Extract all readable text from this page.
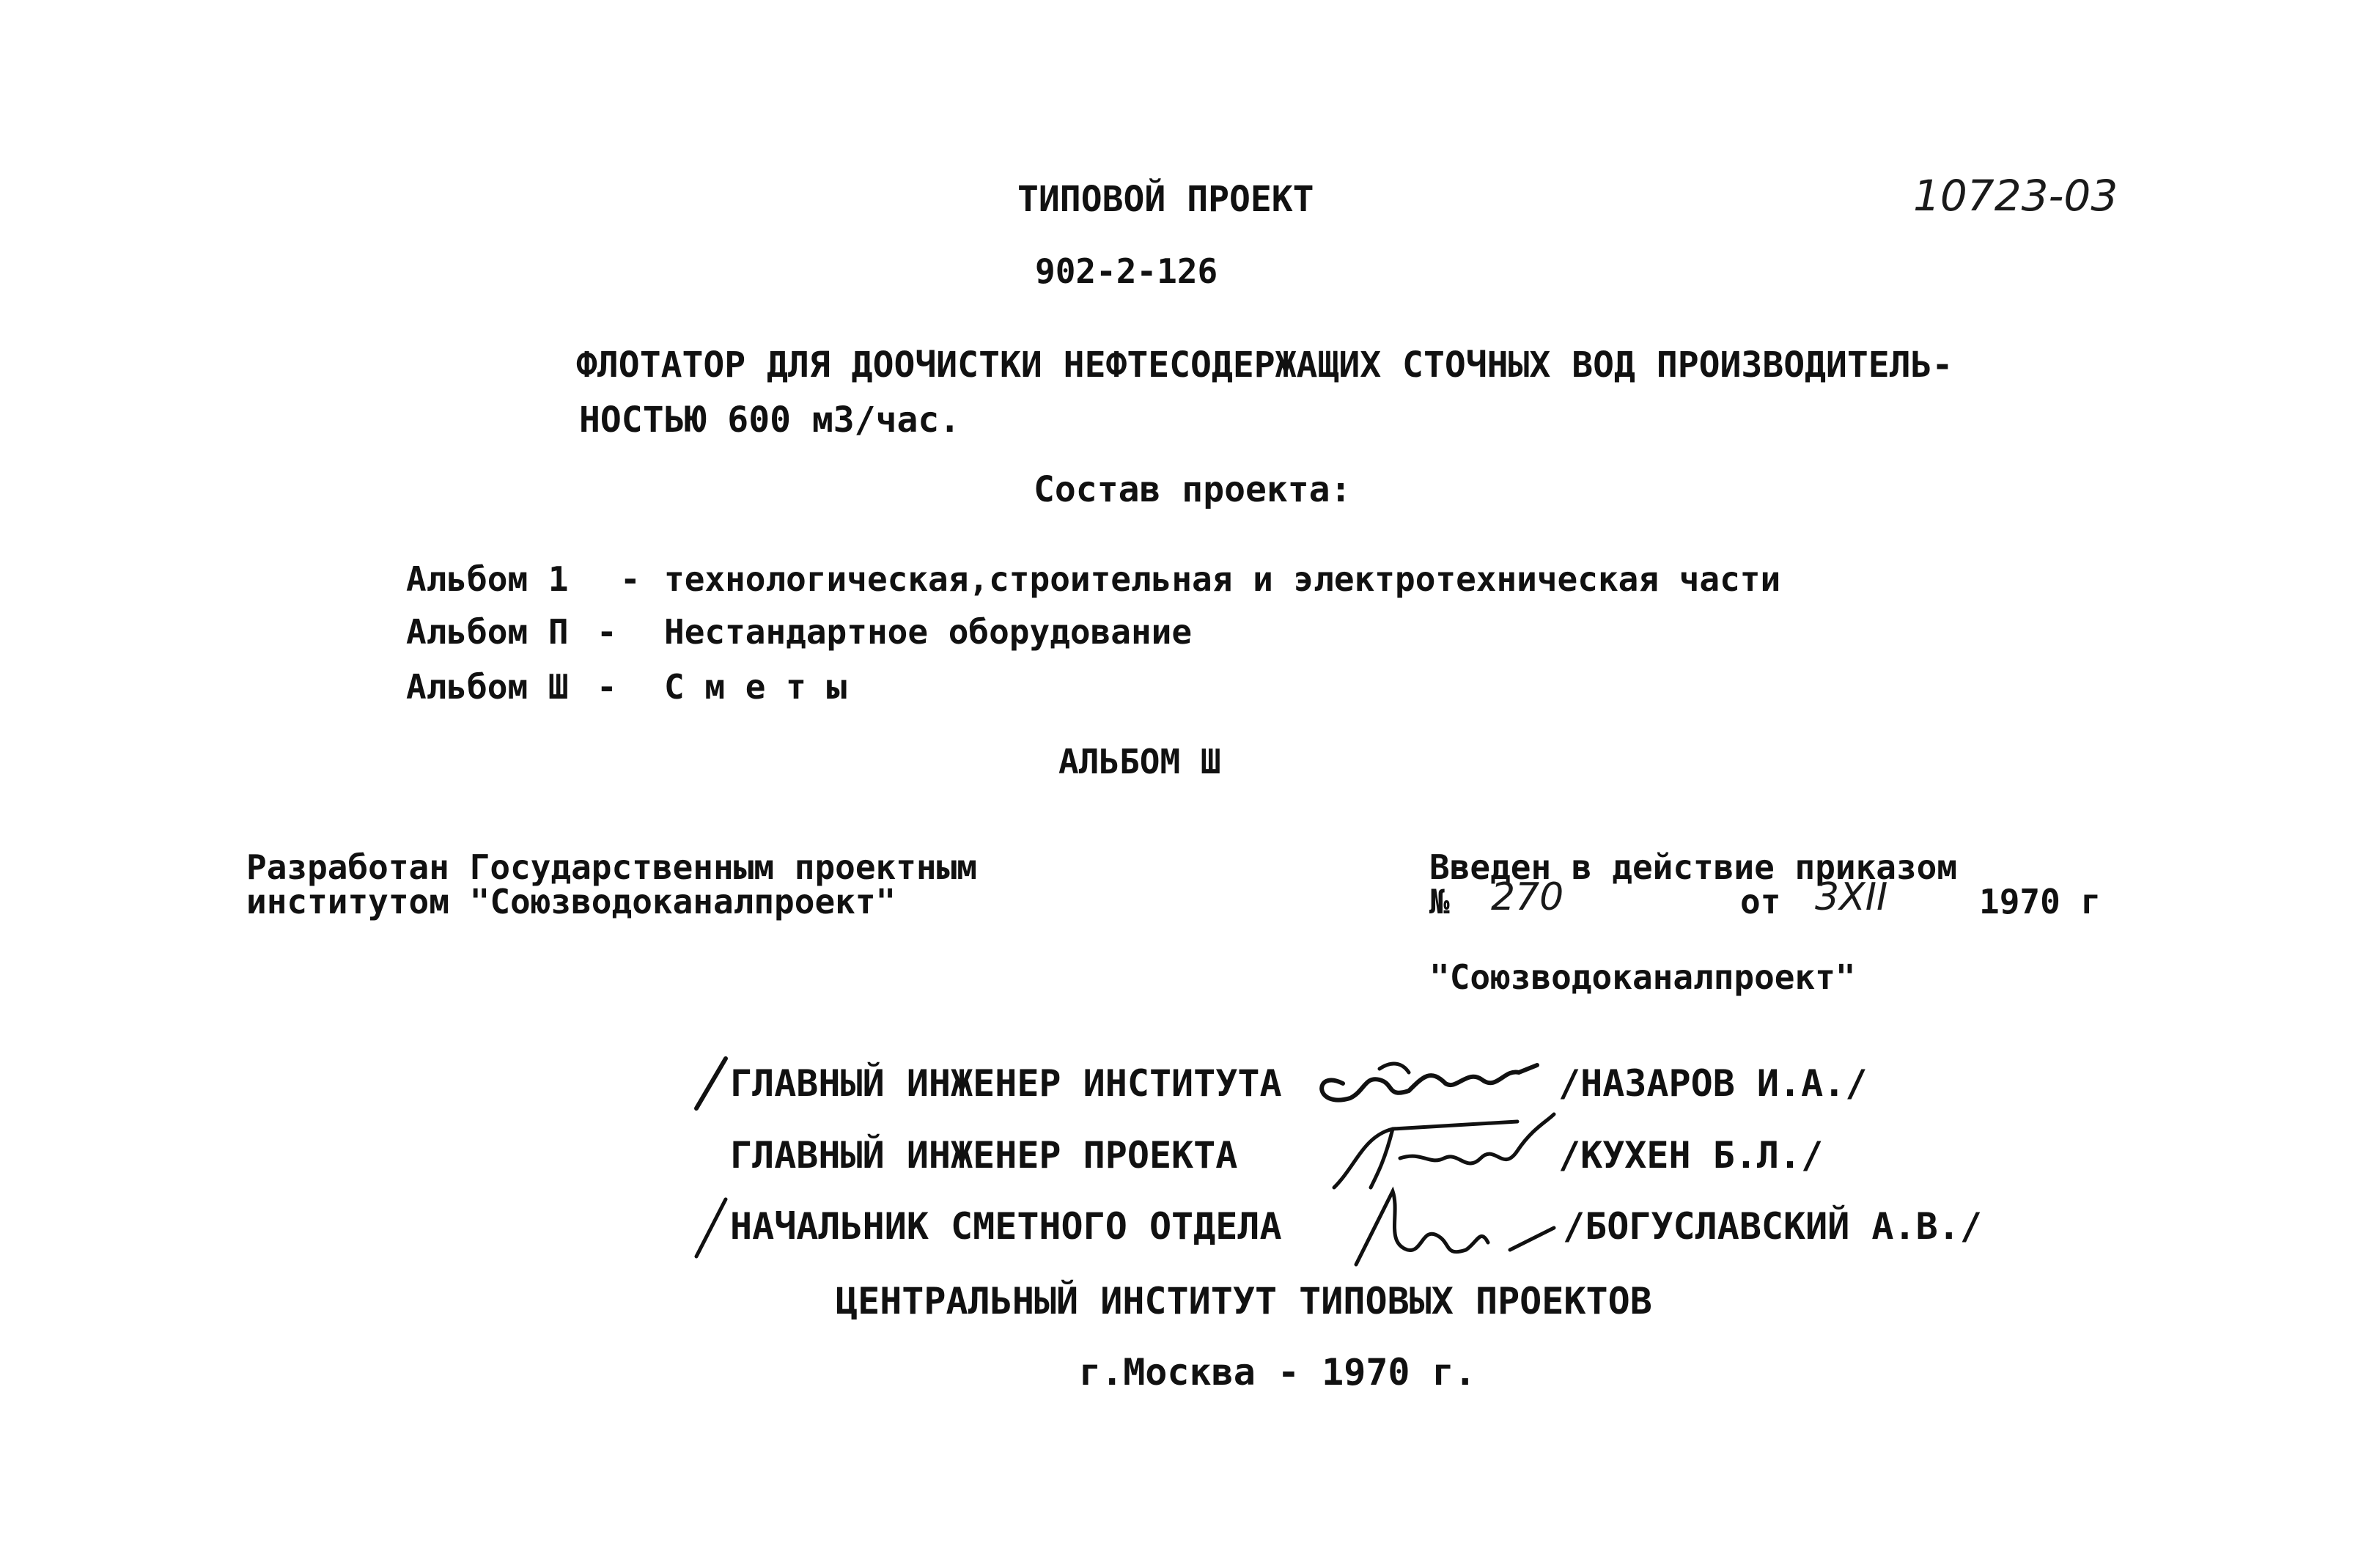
ТИПОВОЙ ПРОЕКТ	10723-03
902-2-126
ФЛОТАТОР ДЛЯ ДООЧИСТКИ НЕФТЕСОДЕРЖАЩИХ СТОЧНЫХ ВОД ПРОИЗВОДИТЕЛЬ-
НОСТЬЮ 600 м3/час.
Состав проекта:
Альбом 1 - технологическая,строительная и электротехническая части
Альбом П - Нестандартное оборудование
Альбом Ш - С м е т ы
АЛЬБОМ Ш
Разработан Государственным проектным
институтом "Союзводоканалпроект"
Введен в действие приказом
№ 270	от 3XII	1970 г
"Союзводоканалпроект"
ГЛАВНЫЙ ИНЖЕНЕР ИНСТИТУТА	/НАЗАРОВ И.А./
ГЛАВНЫЙ ИНЖЕНЕР ПРОЕКТА	/КУХЕН Б.Л./
НАЧАЛЬНИК СМЕТНОГО ОТДЕЛА	/БОГУСЛАВСКИЙ А.В./
ЦЕНТРАЛЬНЫЙ ИНСТИТУТ ТИПОВЫХ ПРОЕКТОВ
г.Москва - 1970 г.
